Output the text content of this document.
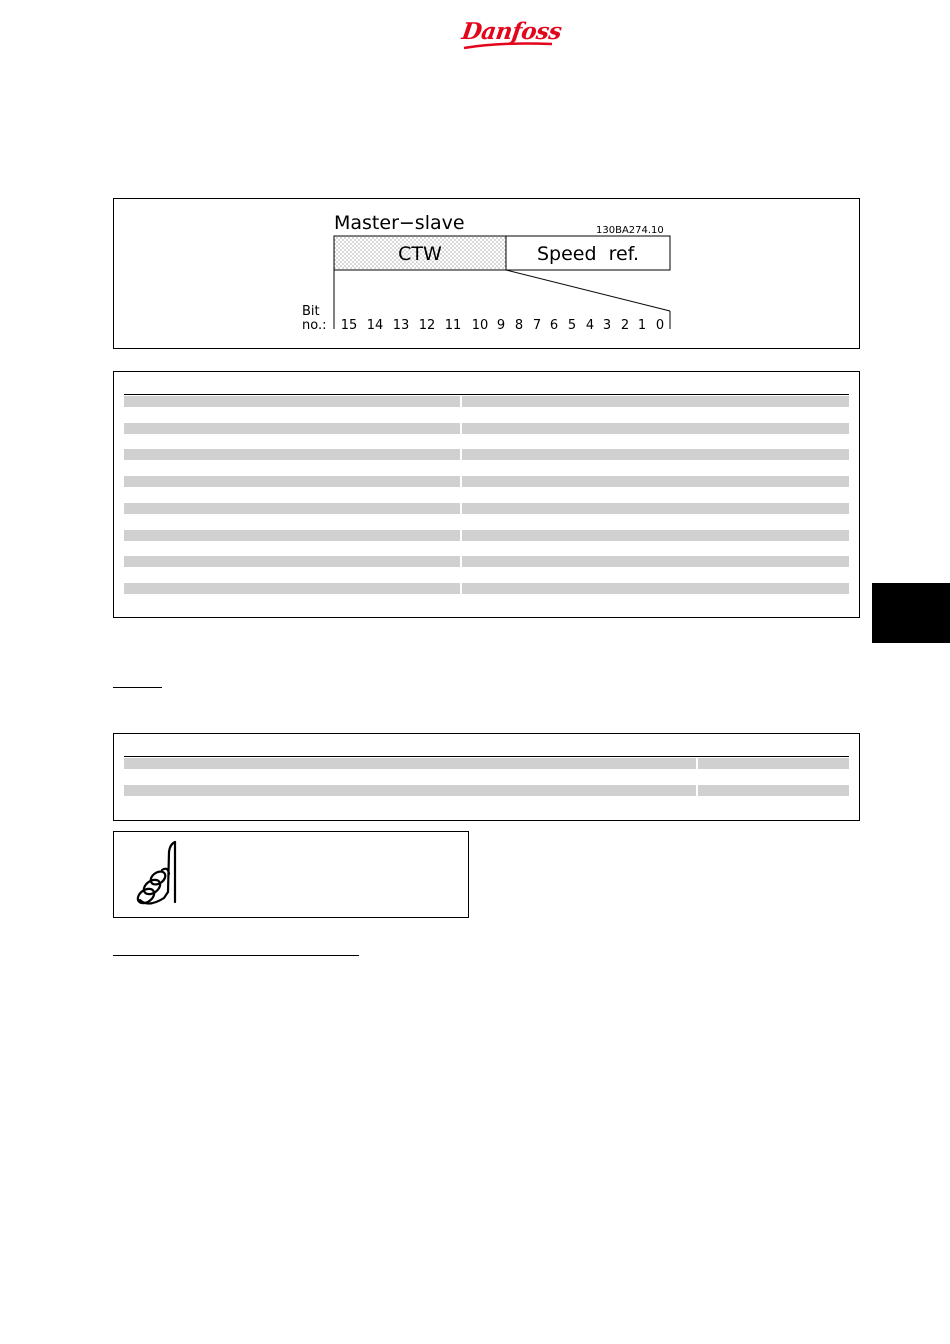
Danfoss
Master−slave	130BA274.10
CTW	Speed  ref.
Bit
no.: 15 14 13 12 11 10 9 8 7 6 5 4 3 2 1 0
